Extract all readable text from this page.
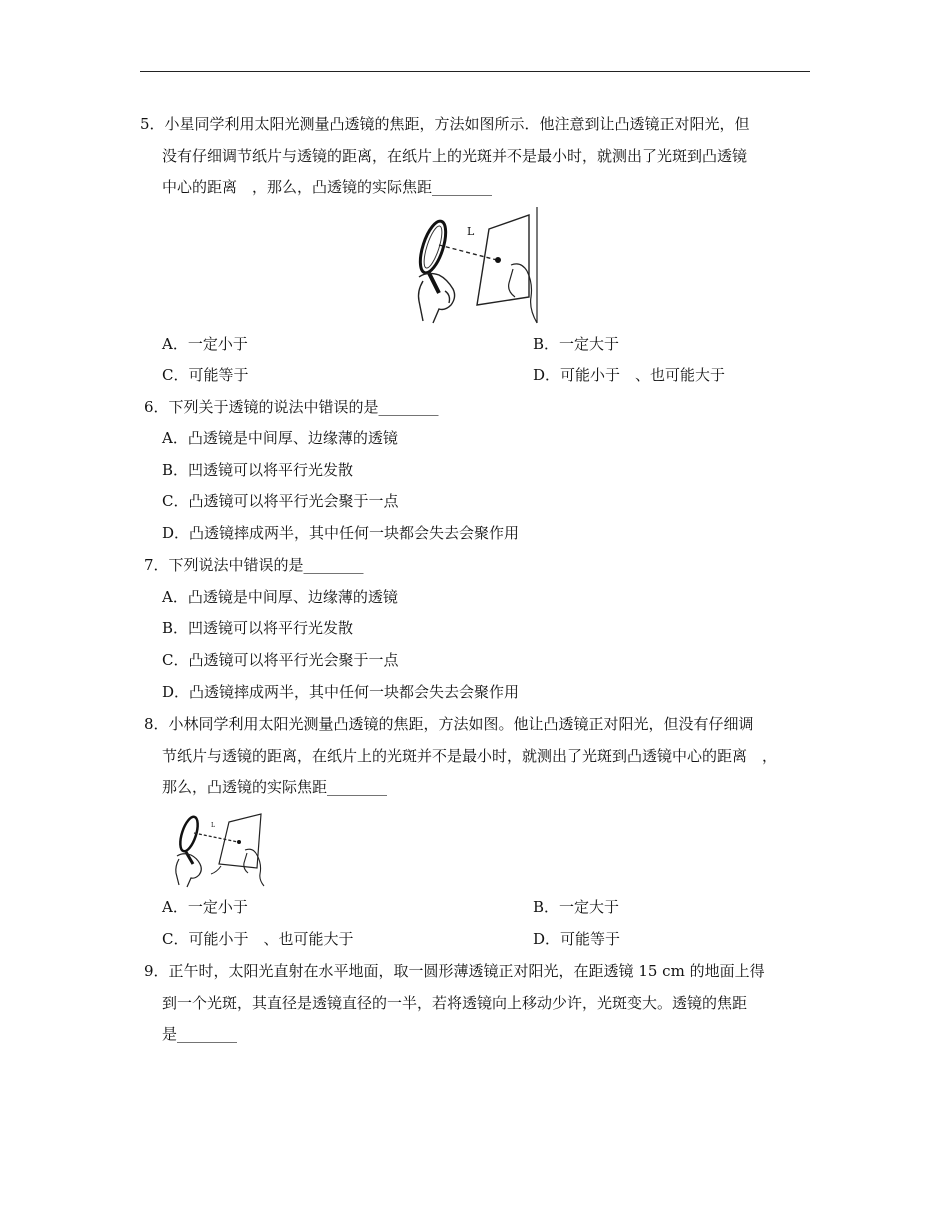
5．小星同学利用太阳光测量凸透镜的焦距，方法如图所示．他注意到让凸透镜正对阳光，但
没有仔细调节纸片与透镜的距离，在纸片上的光斑并不是最小时，就测出了光斑到凸透镜
中心的距离　，那么，凸透镜的实际焦距________
L
A．一定小于	B．一定大于
C．可能等于	D．可能小于　、也可能大于
6．下列关于透镜的说法中错误的是________
A．凸透镜是中间厚、边缘薄的透镜
B．凹透镜可以将平行光发散
C．凸透镜可以将平行光会聚于一点
D．凸透镜摔成两半，其中任何一块都会失去会聚作用
7．下列说法中错误的是________
A．凸透镜是中间厚、边缘薄的透镜
B．凹透镜可以将平行光发散
C．凸透镜可以将平行光会聚于一点
D．凸透镜摔成两半，其中任何一块都会失去会聚作用
8．小林同学利用太阳光测量凸透镜的焦距，方法如图。他让凸透镜正对阳光，但没有仔细调
节纸片与透镜的距离，在纸片上的光斑并不是最小时，就测出了光斑到凸透镜中心的距离　，
那么，凸透镜的实际焦距________
L
A．一定小于	B．一定大于
C．可能小于　、也可能大于	D．可能等于
9．正午时，太阳光直射在水平地面，取一圆形薄透镜正对阳光，在距透镜 15 cm 的地面上得
到一个光斑，其直径是透镜直径的一半，若将透镜向上移动少许，光斑变大。透镜的焦距
是________
